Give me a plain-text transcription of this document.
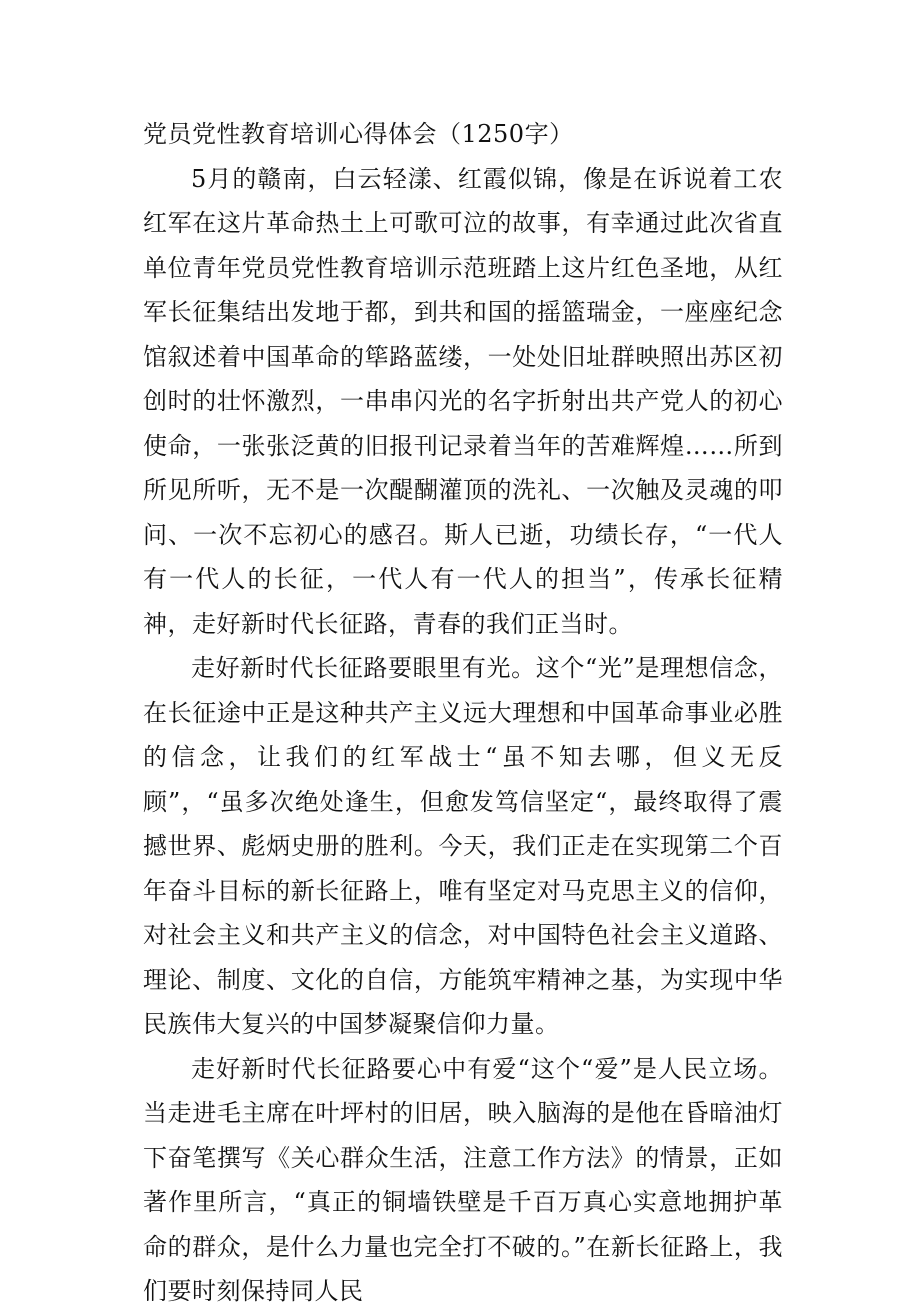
党员党性教育培训心得体会（1250字）

5月的赣南，白云轻漾、红霞似锦，像是在诉说着工农红军在这片革命热土上可歌可泣的故事，有幸通过此次省直单位青年党员党性教育培训示范班踏上这片红色圣地，从红军长征集结出发地于都，到共和国的摇篮瑞金，一座座纪念馆叙述着中国革命的筚路蓝缕，一处处旧址群映照出苏区初创时的壮怀激烈，一串串闪光的名字折射出共产党人的初心使命，一张张泛黄的旧报刊记录着当年的苦难辉煌……所到所见所听，无不是一次醍醐灌顶的洗礼、一次触及灵魂的叩问、一次不忘初心的感召。斯人已逝，功绩长存，“一代人有一代人的长征，一代人有一代人的担当”，传承长征精神，走好新时代长征路，青春的我们正当时。

走好新时代长征路要眼里有光。这个“光”是理想信念，在长征途中正是这种共产主义远大理想和中国革命事业必胜的信念，让我们的红军战士“虽不知去哪，但义无反顾”，“虽多次绝处逢生，但愈发笃信坚定“，最终取得了震撼世界、彪炳史册的胜利。今天，我们正走在实现第二个百年奋斗目标的新长征路上，唯有坚定对马克思主义的信仰，对社会主义和共产主义的信念，对中国特色社会主义道路、理论、制度、文化的自信，方能筑牢精神之基，为实现中华民族伟大复兴的中国梦凝聚信仰力量。

走好新时代长征路要心中有爱“这个“爱”是人民立场。当走进毛主席在叶坪村的旧居，映入脑海的是他在昏暗油灯下奋笔撰写《关心群众生活，注意工作方法》的情景，正如著作里所言，“真正的铜墙铁壁是千百万真心实意地拥护革命的群众，是什么力量也完全打不破的。”在新长征路上，我们要时刻保持同人民
